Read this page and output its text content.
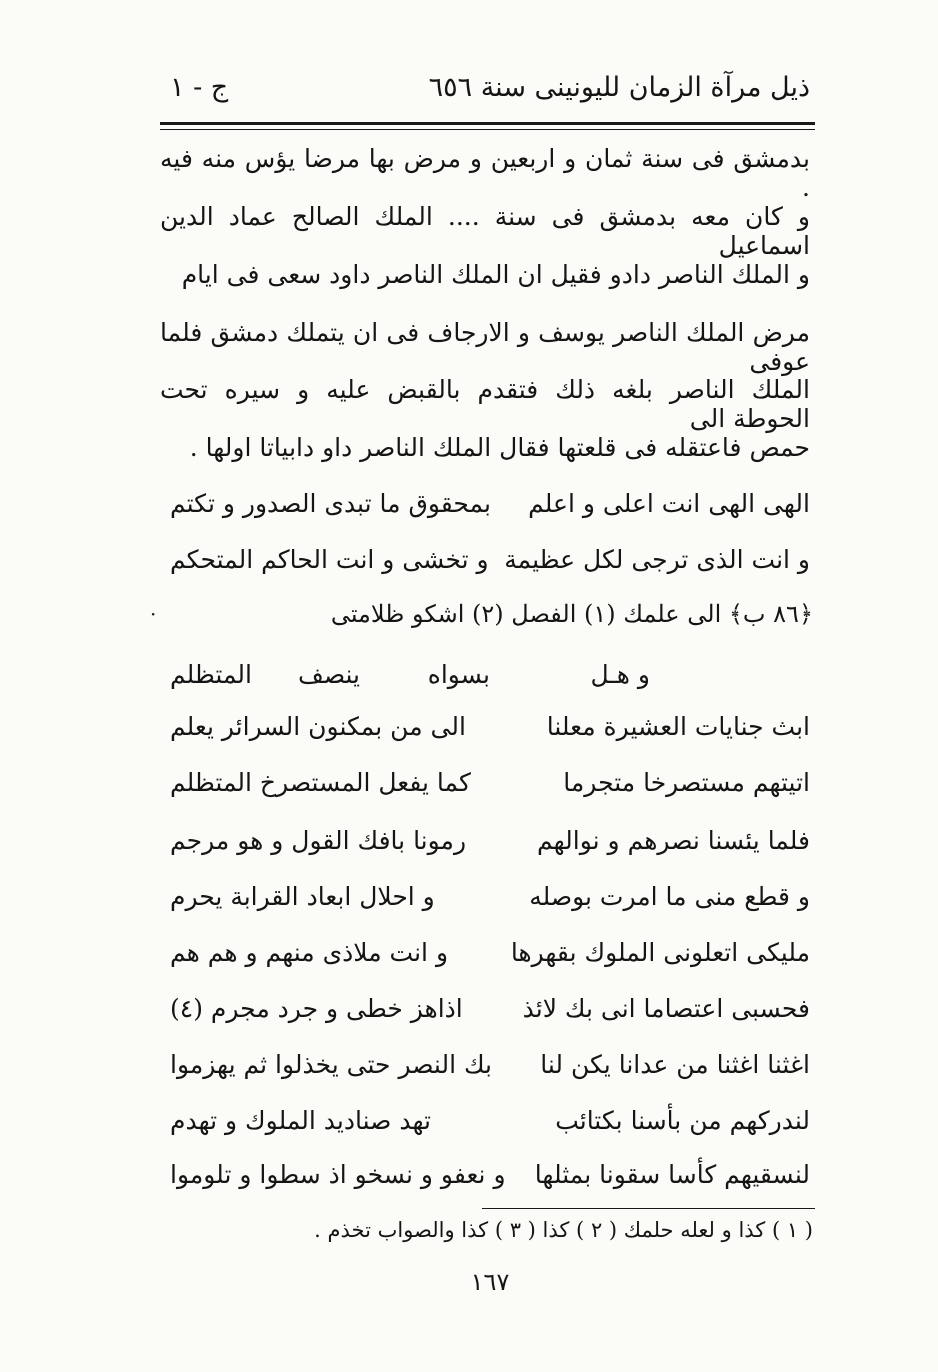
ذيل مرآة الزمان لليونينى سنة ٦٥٦
ج - ١
بدمشق فى سنة ثمان و اربعين و مرض بها مرضا يؤس منه فيه .
و كان معه بدمشق فى سنة .... الملك الصالح عماد الدين اسماعيل
و الملك الناصر دادو فقيل ان الملك الناصر داود سعى فى ايام
مرض الملك الناصر يوسف و الارجاف فى ان يتملك دمشق فلما عوفى
الملك الناصر بلغه ذلك فتقدم بالقبض عليه و سيره تحت الحوطة الى
حمص فاعتقله فى قلعتها فقال الملك الناصر داو دابياتا اولها .
الهى الهى انت اعلى و اعلم
بمحقوق ما تبدى الصدور و تكتم
و انت الذى ترجى لكل عظيمة
و تخشى و انت الحاكم المتحكم
﴿٨٦ ب﴾ الى علمك (١) الفصل (٢) اشكو ظلامتى
·
و هـل
بسواه
ينصف
المتظلم
ابث جنايات العشيرة معلنا
الى من بمكنون السرائر يعلم
اتيتهم مستصرخا متجرما
كما يفعل المستصرخ المتظلم
فلما يئسنا نصرهم و نوالهم
رمونا بافك القول و هو مرجم
و قطع منى ما امرت بوصله
و احلال ابعاد القرابة يحرم
مليكى اتعلونى الملوك بقهرها
و انت ملاذى منهم و هم هم
فحسبى اعتصاما انى بك لائذ
اذاهز خطى و جرد مجرم (٤)
اغثنا اغثنا من عدانا يكن لنا
بك النصر حتى يخذلوا ثم يهزموا
لندركهم من بأسنا بكتائب
تهد صناديد الملوك و تهدم
لنسقيهم كأسا سقونا بمثلها
و نعفو و نسخو اذ سطوا و تلوموا
( ١ ) كذا و لعله حلمك ( ٢ ) كذا ( ٣ ) كذا والصواب تخذم .
١٦٧
